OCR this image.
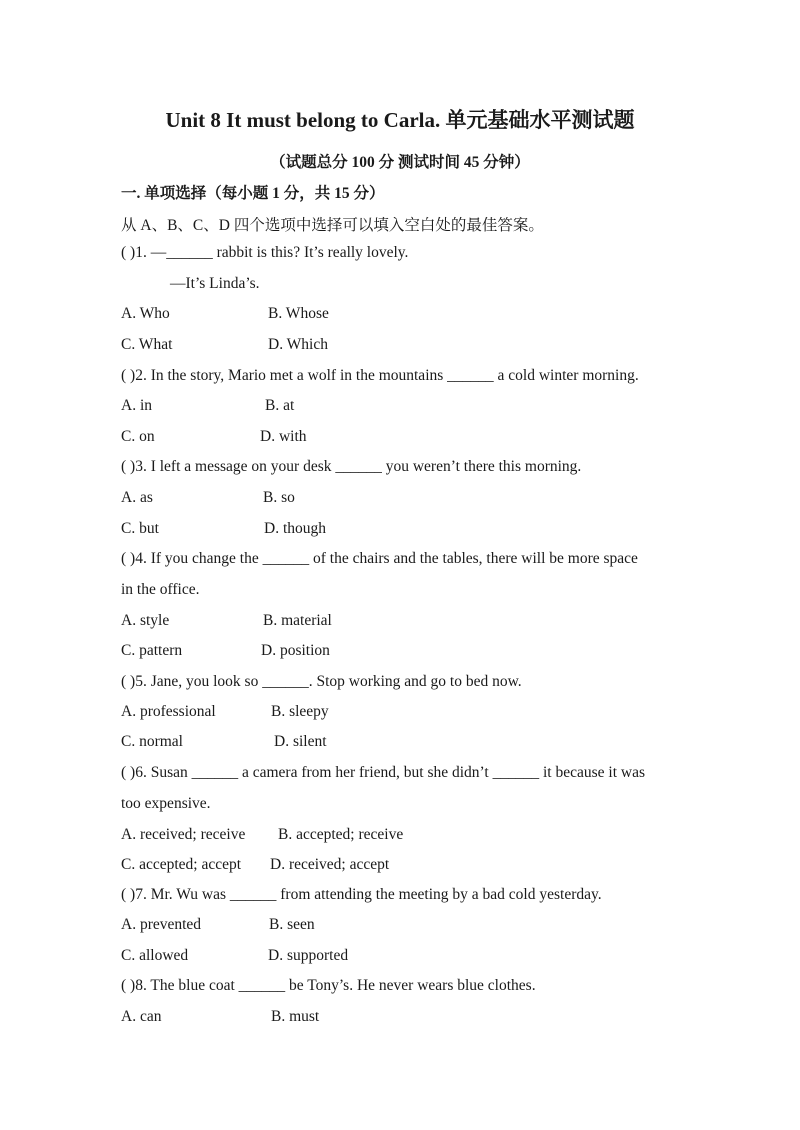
Unit 8 It must belong to Carla. 单元基础水平测试题
（试题总分 100 分 测试时间 45 分钟）
一. 单项选择（每小题 1 分，共 15 分）
从 A、B、C、D 四个选项中选择可以填入空白处的最佳答案。
( )1. —______ rabbit is this? It’s really lovely.
—It’s Linda’s.
A. Who	B. Whose
C. What	D. Which
( )2. In the story, Mario met a wolf in the mountains ______ a cold winter morning.
A. in	B. at
C. on	D. with
( )3. I left a message on your desk ______ you weren’t there this morning.
A. as	B. so
C. but	D. though
( )4. If you change the ______ of the chairs and the tables, there will be more space
in the office.
A. style	B. material
C. pattern	D. position
( )5. Jane, you look so ______. Stop working and go to bed now.
A. professional	B. sleepy
C. normal	D. silent
( )6. Susan ______ a camera from her friend, but she didn’t ______ it because it was
too expensive.
A. received; receive B. accepted; receive
C. accepted; accept D. received; accept
( )7. Mr. Wu was ______ from attending the meeting by a bad cold yesterday.
A. prevented	B. seen
C. allowed	D. supported
( )8. The blue coat ______ be Tony’s. He never wears blue clothes.
A. can	B. must
